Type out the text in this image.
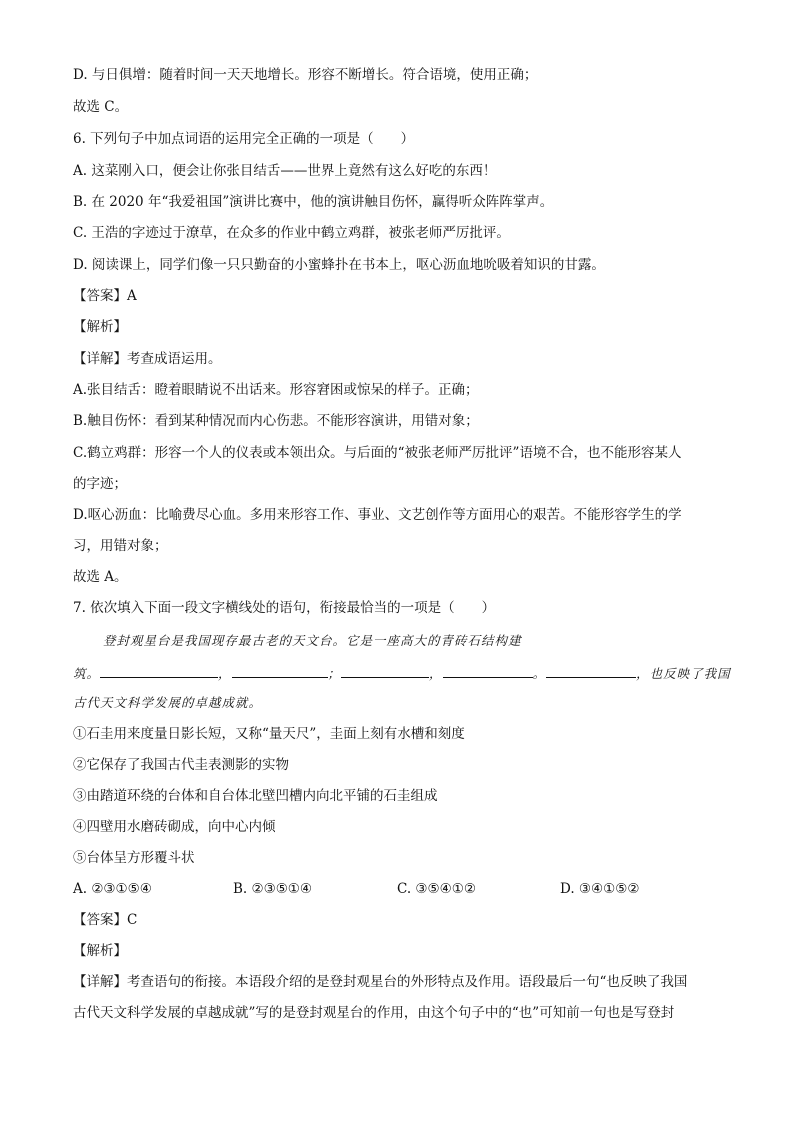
D. 与日俱增：随着时间一天天地增长。形容不断增长。符合语境，使用正确；
故选 C。
6. 下列句子中加点词语的运用完全正确的一项是（　　）
A. 这菜刚入口，便会让你张目结舌——世界上竟然有这么好吃的东西！
B. 在 2020 年“我爱祖国”演讲比赛中，他的演讲触目伤怀，赢得听众阵阵掌声。
C. 王浩的字迹过于潦草，在众多的作业中鹤立鸡群，被张老师严厉批评。
D. 阅读课上，同学们像一只只勤奋的小蜜蜂扑在书本上，呕心沥血地吮吸着知识的甘露。
【答案】A
【解析】
【详解】考查成语运用。
A.张目结舌：瞪着眼睛说不出话来。形容窘困或惊呆的样子。正确；
B.触目伤怀：看到某种情况而内心伤悲。不能形容演讲，用错对象；
C.鹤立鸡群：形容一个人的仪表或本领出众。与后面的“被张老师严厉批评”语境不合，也不能形容某人
的字迹；
D.呕心沥血：比喻费尽心血。多用来形容工作、事业、文艺创作等方面用心的艰苦。不能形容学生的学
习，用错对象；
故选 A。
7. 依次填入下面一段文字横线处的语句，衔接最恰当的一项是（　　）
登封观星台是我国现存最古老的天文台。它是一座高大的青砖石结构建
筑。	，	；	，	。	，也反映了我国
古代天文科学发展的卓越成就。
①石圭用来度量日影长短，又称“量天尺”，圭面上刻有水槽和刻度
②它保存了我国古代圭表测影的实物
③由踏道环绕的台体和自台体北壁凹槽内向北平铺的石圭组成
④四壁用水磨砖砌成，向中心内倾
⑤台体呈方形覆斗状
A. ②③①⑤④	B. ②③⑤①④	C. ③⑤④①②	D. ③④①⑤②
【答案】C
【解析】
【详解】考查语句的衔接。本语段介绍的是登封观星台的外形特点及作用。语段最后一句“也反映了我国
古代天文科学发展的卓越成就”写的是登封观星台的作用，由这个句子中的“也”可知前一句也是写登封
